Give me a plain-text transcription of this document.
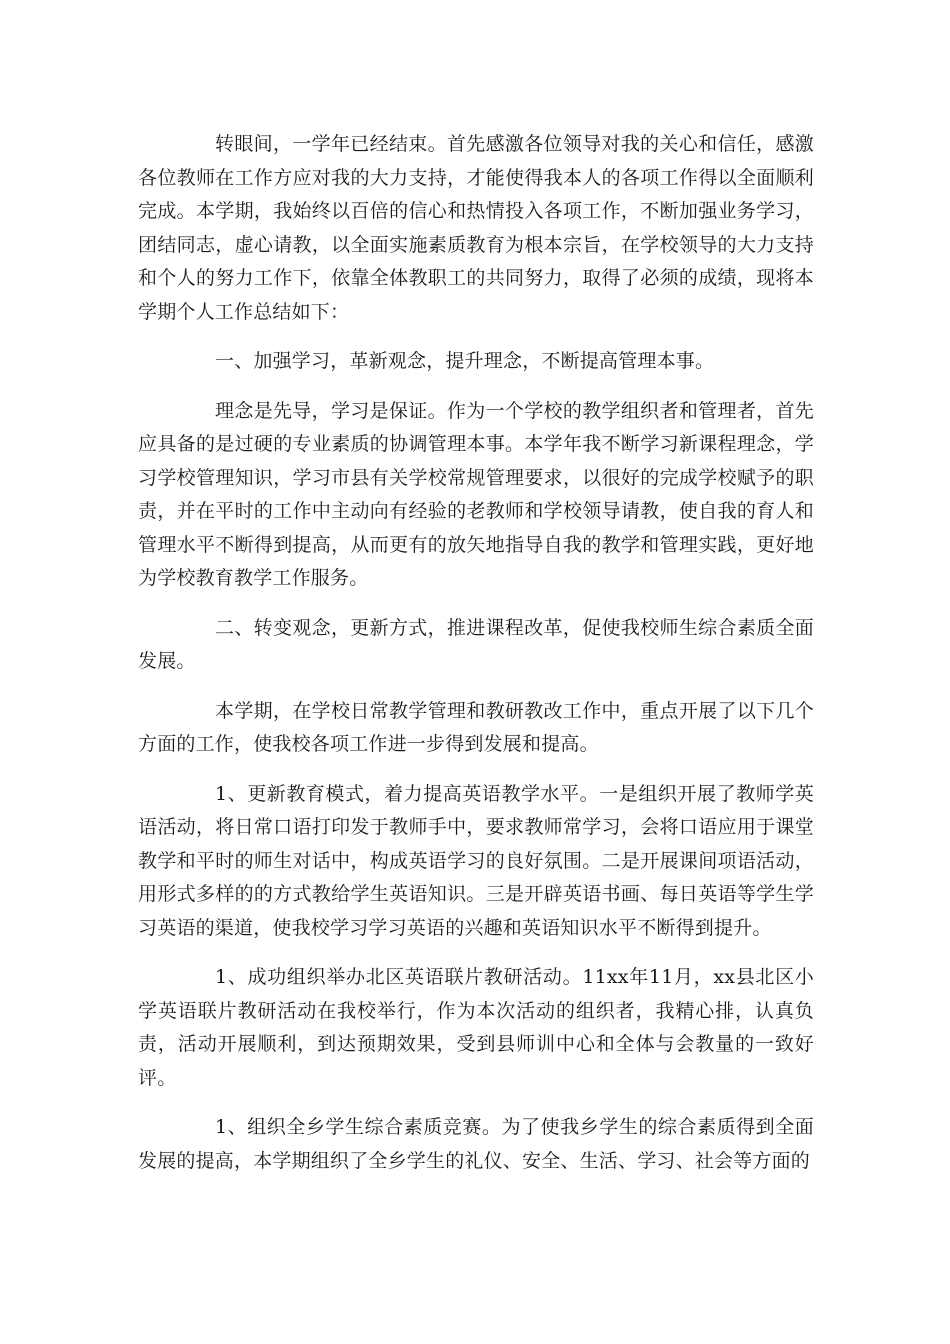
转眼间，一学年已经结束。首先感激各位领导对我的关心和信任，感激各位教师在工作方应对我的大力支持，才能使得我本人的各项工作得以全面顺利完成。本学期，我始终以百倍的信心和热情投入各项工作，不断加强业务学习，团结同志，虚心请教，以全面实施素质教育为根本宗旨，在学校领导的大力支持和个人的努力工作下，依靠全体教职工的共同努力，取得了必须的成绩，现将本学期个人工作总结如下：

一、加强学习，革新观念，提升理念，不断提高管理本事。

理念是先导，学习是保证。作为一个学校的教学组织者和管理者，首先应具备的是过硬的专业素质的协调管理本事。本学年我不断学习新课程理念，学习学校管理知识，学习市县有关学校常规管理要求，以很好的完成学校赋予的职责，并在平时的工作中主动向有经验的老教师和学校领导请教，使自我的育人和管理水平不断得到提高，从而更有的放矢地指导自我的教学和管理实践，更好地为学校教育教学工作服务。

二、转变观念，更新方式，推进课程改革，促使我校师生综合素质全面发展。

本学期，在学校日常教学管理和教研教改工作中，重点开展了以下几个方面的工作，使我校各项工作进一步得到发展和提高。

1、更新教育模式，着力提高英语教学水平。一是组织开展了教师学英语活动，将日常口语打印发于教师手中，要求教师常学习，会将口语应用于课堂教学和平时的师生对话中，构成英语学习的良好氛围。二是开展课间项语活动，用形式多样的的方式教给学生英语知识。三是开辟英语书画、每日英语等学生学习英语的渠道，使我校学习学习英语的兴趣和英语知识水平不断得到提升。

1、成功组织举办北区英语联片教研活动。11xx年11月，xx县北区小学英语联片教研活动在我校举行，作为本次活动的组织者，我精心排，认真负责，活动开展顺利，到达预期效果，受到县师训中心和全体与会教量的一致好评。

1、组织全乡学生综合素质竞赛。为了使我乡学生的综合素质得到全面发展的提高，本学期组织了全乡学生的礼仪、安全、生活、学习、社会等方面的
